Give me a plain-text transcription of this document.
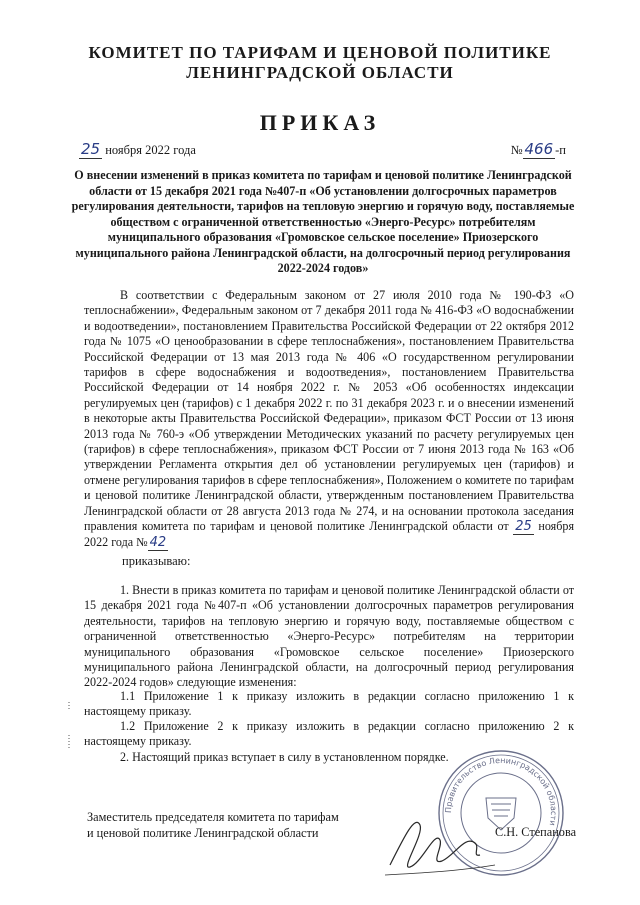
КОМИТЕТ ПО ТАРИФАМ И ЦЕНОВОЙ ПОЛИТИКЕ
ЛЕНИНГРАДСКОЙ ОБЛАСТИ
ПРИКАЗ
25 ноября 2022 года	№ 466 -п
О внесении изменений в приказ комитета по тарифам и ценовой политике Ленинградской области от 15 декабря 2021 года №407-п «Об установлении долгосрочных параметров регулирования деятельности, тарифов на тепловую энергию и горячую воду, поставляемые обществом с ограниченной ответственностью «Энерго-Ресурс» потребителям муниципального образования «Громовское сельское поселение» Приозерского муниципального района Ленинградской области, на долгосрочный период регулирования 2022-2024 годов»
В соответствии с Федеральным законом от 27 июля 2010 года № 190-ФЗ «О теплоснабжении», Федеральным законом от 7 декабря 2011 года № 416-ФЗ «О водоснабжении и водоотведении», постановлением Правительства Российской Федерации от 22 октября 2012 года № 1075 «О ценообразовании в сфере теплоснабжения», постановлением Правительства Российской Федерации от 13 мая 2013 года № 406 «О государственном регулировании тарифов в сфере водоснабжения и водоотведения», постановлением Правительства Российской Федерации от 14 ноября 2022 г. № 2053 «Об особенностях индексации регулируемых цен (тарифов) с 1 декабря 2022 г. по 31 декабря 2023 г. и о внесении изменений в некоторые акты Правительства Российской Федерации», приказом ФСТ России от 13 июня 2013 года № 760-э «Об утверждении Методических указаний по расчету регулируемых цен (тарифов) в сфере теплоснабжения», приказом ФСТ России от 7 июня 2013 года № 163 «Об утверждении Регламента открытия дел об установлении регулируемых цен (тарифов) и отмене регулирования тарифов в сфере теплоснабжения», Положением о комитете по тарифам и ценовой политике Ленинградской области, утвержденным постановлением Правительства Ленинградской области от 28 августа 2013 года № 274, и на основании протокола заседания правления комитета по тарифам и ценовой политике Ленинградской области от 25 ноября 2022 года № 42
приказываю:
1. Внести в приказ комитета по тарифам и ценовой политике Ленинградской области от 15 декабря 2021 года №407-п «Об установлении долгосрочных параметров регулирования деятельности, тарифов на тепловую энергию и горячую воду, поставляемые обществом с ограниченной ответственностью «Энерго-Ресурс» потребителям на территории муниципального образования «Громовское сельское поселение» Приозерского муниципального района Ленинградской области, на долгосрочный период регулирования 2022-2024 годов» следующие изменения:
1.1 Приложение 1 к приказу изложить в редакции согласно приложению 1 к настоящему приказу.
1.2 Приложение 2 к приказу изложить в редакции согласно приложению 2 к настоящему приказу.
2. Настоящий приказ вступает в силу в установленном порядке.
Заместитель председателя комитета по тарифам
и ценовой политике Ленинградской области
Правительство Ленинградской области
С.Н. Степанова
